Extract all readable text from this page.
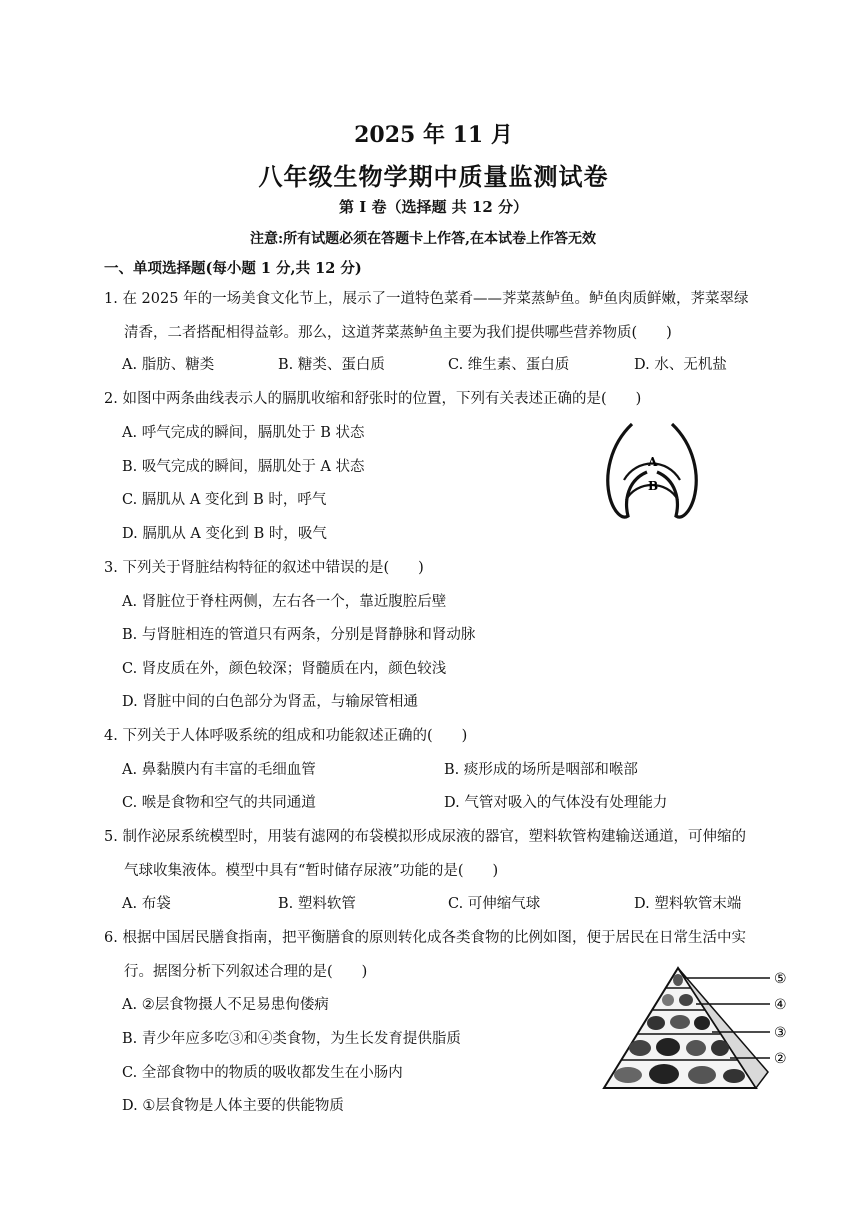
2025 年 11 月
八年级生物学期中质量监测试卷
第 Ⅰ 卷（选择题 共 12 分）
注意:所有试题必须在答题卡上作答,在本试卷上作答无效
一、单项选择题(每小题 1 分,共 12 分)
1. 在 2025 年的一场美食文化节上，展示了一道特色菜肴——荠菜蒸鲈鱼。鲈鱼肉质鲜嫩，荠菜翠绿
清香，二者搭配相得益彰。那么，这道荠菜蒸鲈鱼主要为我们提供哪些营养物质(　　)
A. 脂肪、糖类	B. 糖类、蛋白质	C. 维生素、蛋白质	D. 水、无机盐
2. 如图中两条曲线表示人的膈肌收缩和舒张时的位置，下列有关表述正确的是(　　)
A. 呼气完成的瞬间，膈肌处于 B 状态
B. 吸气完成的瞬间，膈肌处于 A 状态
C. 膈肌从 A 变化到 B 时，呼气
D. 膈肌从 A 变化到 B 时，吸气
A
B
3. 下列关于肾脏结构特征的叙述中错误的是(　　)
A. 肾脏位于脊柱两侧，左右各一个，靠近腹腔后壁
B. 与肾脏相连的管道只有两条，分别是肾静脉和肾动脉
C. 肾皮质在外，颜色较深；肾髓质在内，颜色较浅
D. 肾脏中间的白色部分为肾盂，与输尿管相通
4. 下列关于人体呼吸系统的组成和功能叙述正确的(　　)
A. 鼻黏膜内有丰富的毛细血管	B. 痰形成的场所是咽部和喉部
C. 喉是食物和空气的共同通道	D. 气管对吸入的气体没有处理能力
5. 制作泌尿系统模型时，用装有滤网的布袋模拟形成尿液的器官，塑料软管构建输送通道，可伸缩的
气球收集液体。模型中具有“暂时储存尿液”功能的是(　　)
A. 布袋	B. 塑料软管	C. 可伸缩气球	D. 塑料软管末端
6. 根据中国居民膳食指南，把平衡膳食的原则转化成各类食物的比例如图，便于居民在日常生活中实
行。据图分析下列叙述合理的是(　　)
A. ②层食物摄人不足易患佝偻病
B. 青少年应多吃③和④类食物，为生长发育提供脂质
C. 全部食物中的物质的吸收都发生在小肠内
D. ①层食物是人体主要的供能物质
⑤
④
③
②
